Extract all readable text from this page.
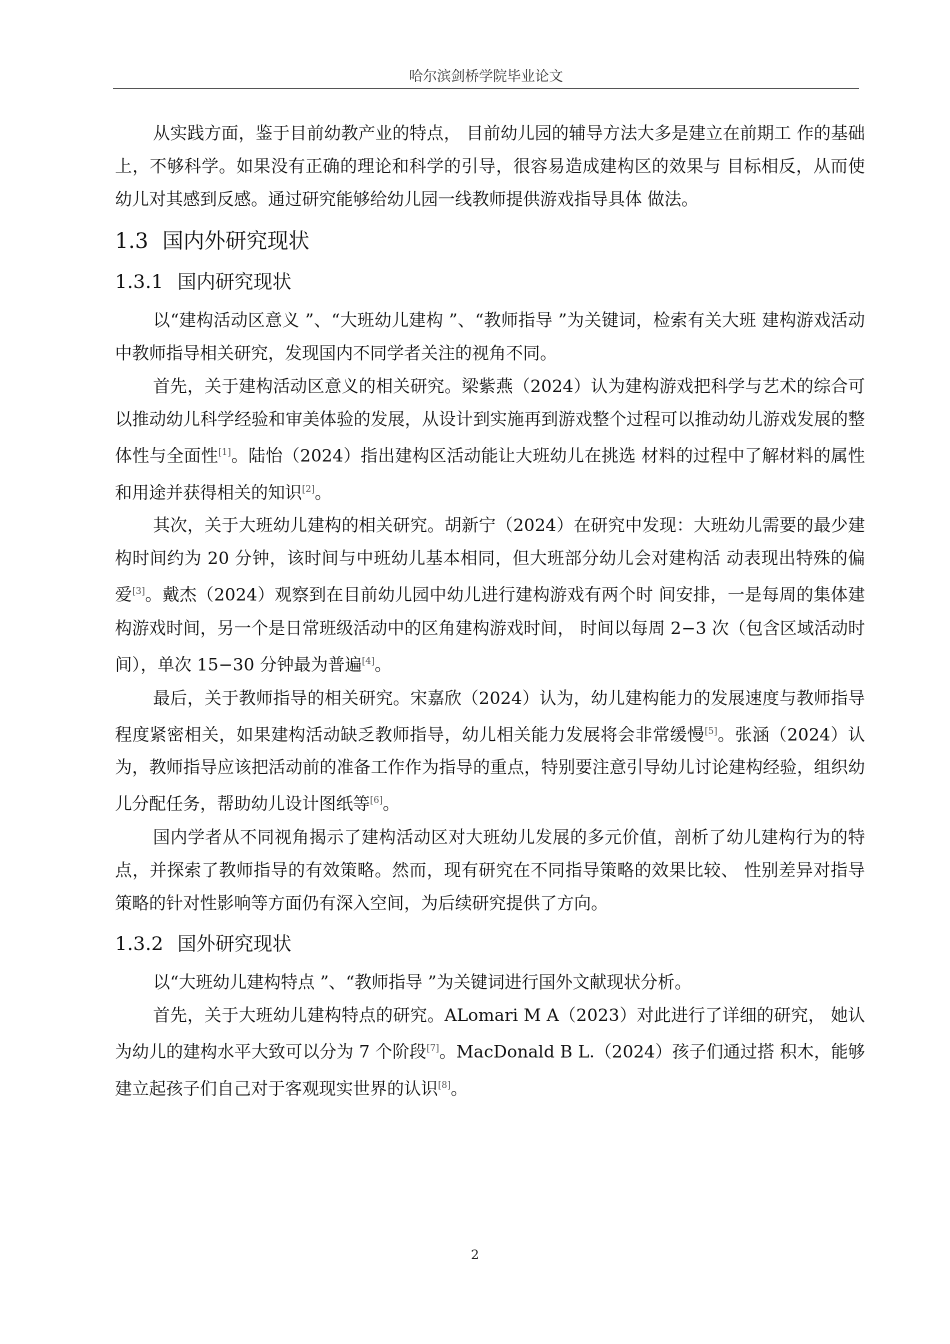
哈尔滨剑桥学院毕业论文

从实践方面，鉴于目前幼教产业的特点， 目前幼儿园的辅导方法大多是建立在前期工 作的基础上，不够科学。如果没有正确的理论和科学的引导，很容易造成建构区的效果与 目标相反，从而使幼儿对其感到反感。通过研究能够给幼儿园一线教师提供游戏指导具体 做法。

1.3 国内外研究现状
1.3.1 国内研究现状

以“建构活动区意义 ”、“大班幼儿建构 ”、“教师指导 ”为关键词，检索有关大班 建构游戏活动中教师指导相关研究，发现国内不同学者关注的视角不同。

首先，关于建构活动区意义的相关研究。梁紫燕（2024）认为建构游戏把科学与艺术的综合可以推动幼儿科学经验和审美体验的发展，从设计到实施再到游戏整个过程可以推动幼儿游戏发展的整体性与全面性[1]。陆怡（2024）指出建构区活动能让大班幼儿在挑选 材料的过程中了解材料的属性和用途并获得相关的知识[2]。

其次，关于大班幼儿建构的相关研究。胡新宁（2024）在研究中发现：大班幼儿需要的最少建构时间约为 20 分钟，该时间与中班幼儿基本相同，但大班部分幼儿会对建构活 动表现出特殊的偏爱[3]。戴杰（2024）观察到在目前幼儿园中幼儿进行建构游戏有两个时 间安排，一是每周的集体建构游戏时间，另一个是日常班级活动中的区角建构游戏时间， 时间以每周 2−3 次（包含区域活动时间），单次 15−30 分钟最为普遍[4]。

最后，关于教师指导的相关研究。宋嘉欣（2024）认为，幼儿建构能力的发展速度与教师指导程度紧密相关，如果建构活动缺乏教师指导，幼儿相关能力发展将会非常缓慢[5]。张涵（2024）认为，教师指导应该把活动前的准备工作作为指导的重点，特别要注意引导幼儿讨论建构经验，组织幼儿分配任务，帮助幼儿设计图纸等[6]。

国内学者从不同视角揭示了建构活动区对大班幼儿发展的多元价值，剖析了幼儿建构行为的特点，并探索了教师指导的有效策略。然而，现有研究在不同指导策略的效果比较、 性别差异对指导策略的针对性影响等方面仍有深入空间，为后续研究提供了方向。

1.3.2 国外研究现状

以“大班幼儿建构特点 ”、“教师指导 ”为关键词进行国外文献现状分析。

首先，关于大班幼儿建构特点的研究。ALomari M A（2023）对此进行了详细的研究， 她认为幼儿的建构水平大致可以分为 7 个阶段[7]。MacDonald B L.（2024）孩子们通过搭 积木，能够建立起孩子们自己对于客观现实世界的认识[8]。

2
